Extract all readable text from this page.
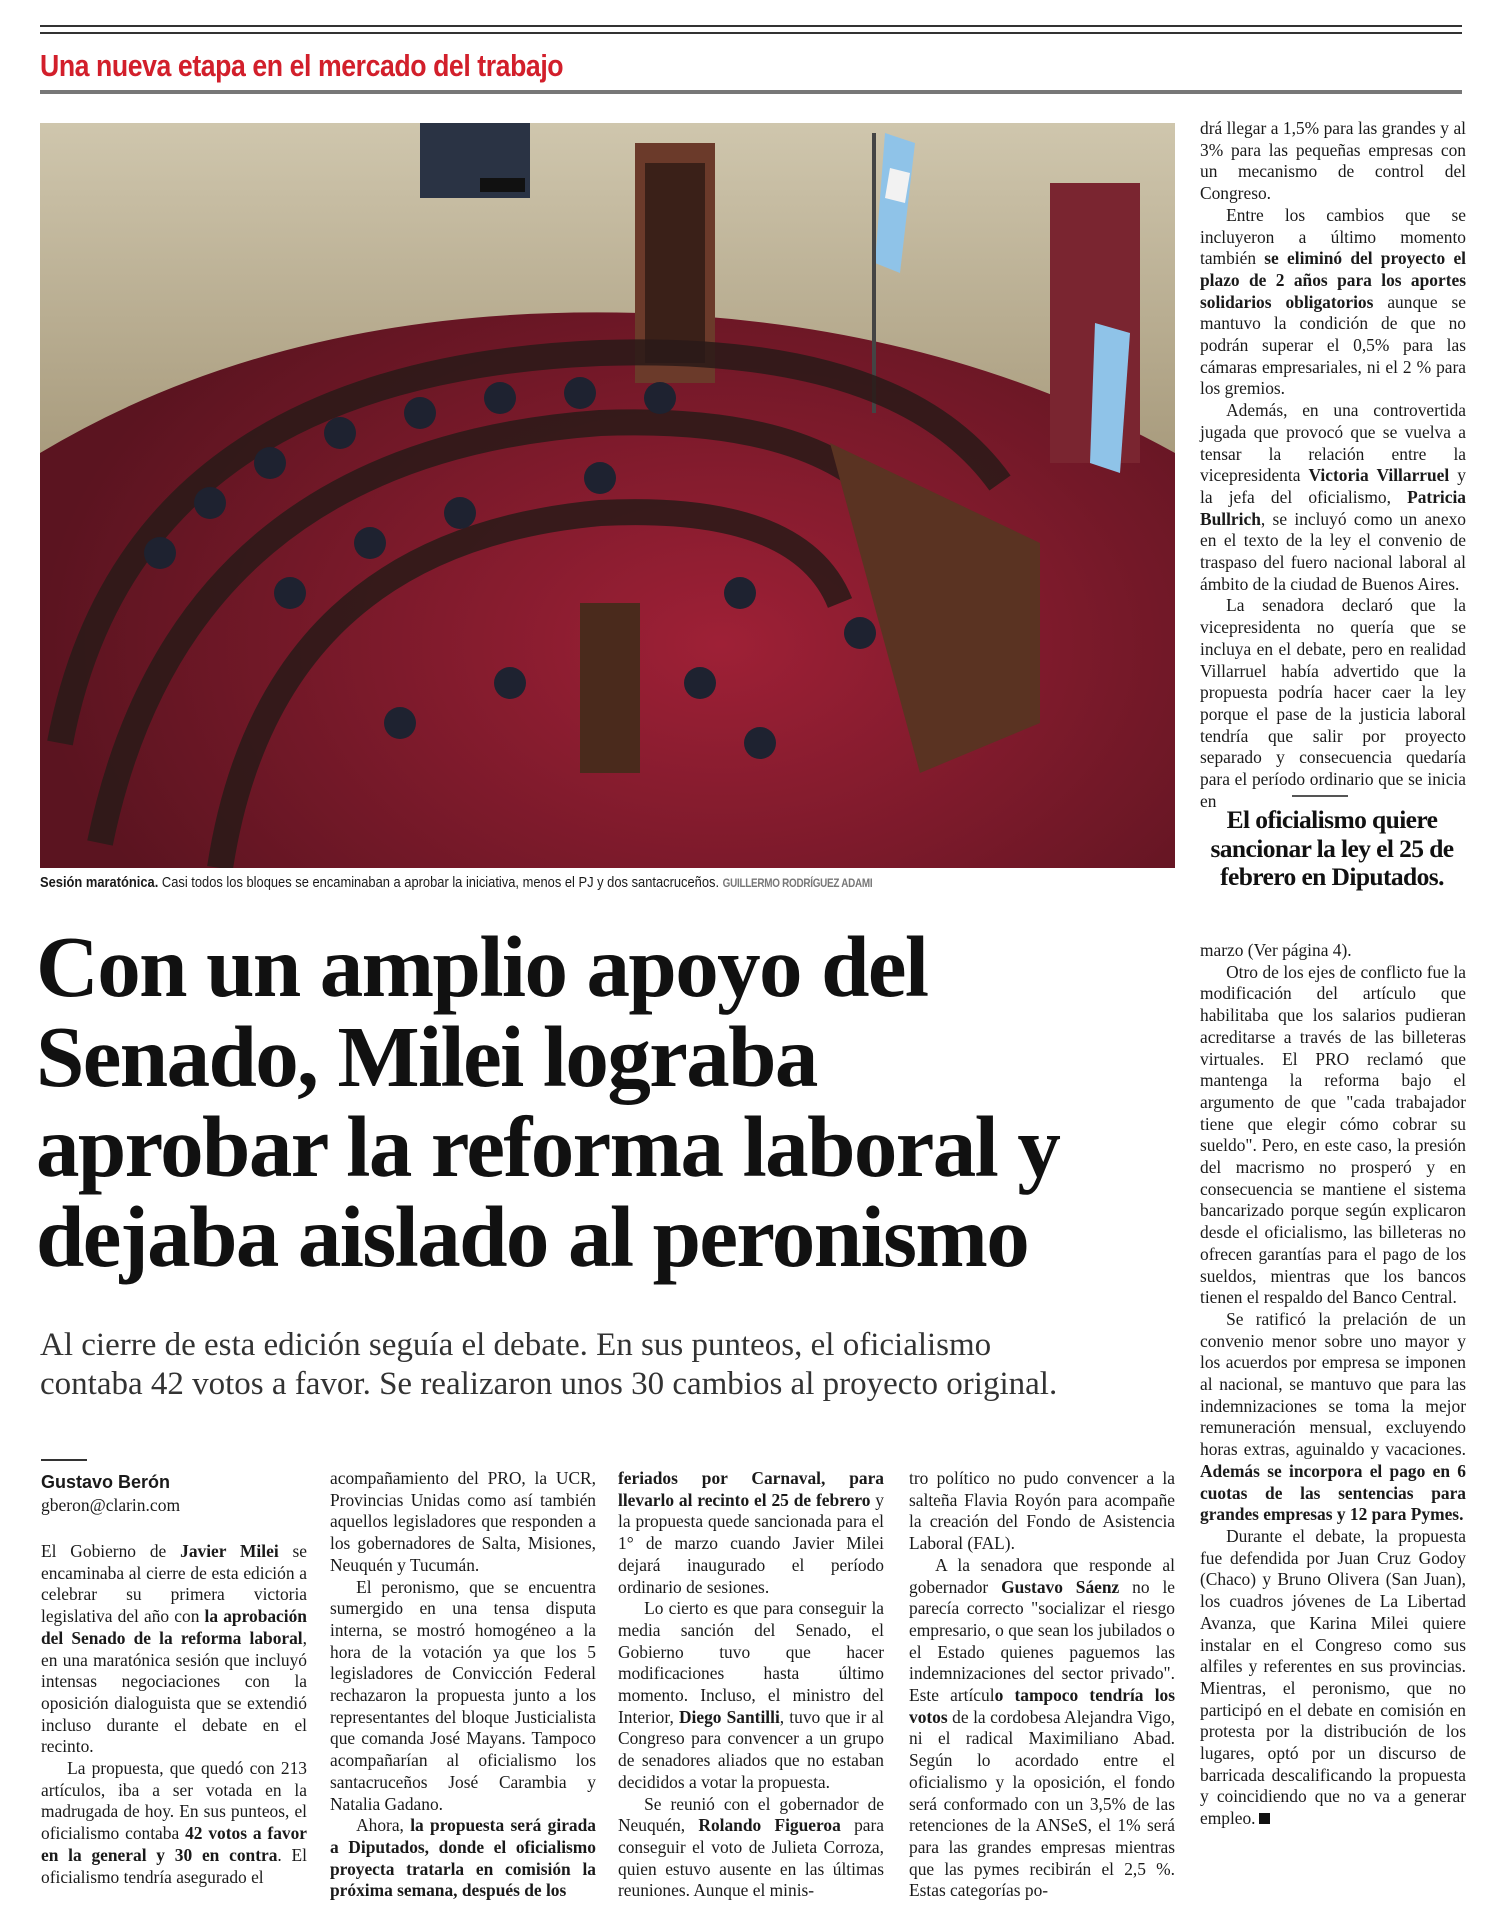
Una nueva etapa en el mercado del trabajo
Sesión maratónica. Casi todos los bloques se encaminaban a aprobar la iniciativa, menos el PJ y dos santacruceños. GUILLERMO RODRÍGUEZ ADAMI
Con un amplio apoyo del
Senado, Milei lograba
aprobar la reforma laboral y
dejaba aislado al peronismo
Al cierre de esta edición seguía el debate. En sus punteos, el oficialismo
contaba 42 votos a favor. Se realizaron unos 30 cambios al proyecto original.
Gustavo Berón
gberon@clarin.com

El Gobierno de Javier Milei se encaminaba al cierre de esta edición a celebrar su primera victoria legislativa del año con la aprobación del Senado de la reforma laboral, en una maratónica sesión que incluyó intensas negociaciones con la oposición dialoguista que se extendió incluso durante el debate en el recinto.

La propuesta, que quedó con 213 artículos, iba a ser votada en la madrugada de hoy. En sus punteos, el oficialismo contaba 42 votos a favor en la general y 30 en contra. El oficialismo tendría asegurado el

acompañamiento del PRO, la UCR, Provincias Unidas como así también aquellos legisladores que responden a los gobernadores de Salta, Misiones, Neuquén y Tucumán.

El peronismo, que se encuentra sumergido en una tensa disputa interna, se mostró homogéneo a la hora de la votación ya que los 5 legisladores de Convicción Federal rechazaron la propuesta junto a los representantes del bloque Justicialista que comanda José Mayans. Tampoco acompañarían al oficialismo los santacruceños José Carambia y Natalia Gadano.

Ahora, la propuesta será girada a Diputados, donde el oficialismo proyecta tratarla en comisión la próxima semana, después de los

feriados por Carnaval, para llevarlo al recinto el 25 de febrero y la propuesta quede sancionada para el 1° de marzo cuando Javier Milei dejará inaugurado el período ordinario de sesiones.

Lo cierto es que para conseguir la media sanción del Senado, el Gobierno tuvo que hacer modificaciones hasta último momento. Incluso, el ministro del Interior, Diego Santilli, tuvo que ir al Congreso para convencer a un grupo de senadores aliados que no estaban decididos a votar la propuesta.

Se reunió con el gobernador de Neuquén, Rolando Figueroa para conseguir el voto de Julieta Corroza, quien estuvo ausente en las últimas reuniones. Aunque el minis-

tro político no pudo convencer a la salteña Flavia Royón para acompañe la creación del Fondo de Asistencia Laboral (FAL).

A la senadora que responde al gobernador Gustavo Sáenz no le parecía correcto "socializar el riesgo empresario, o que sean los jubilados o el Estado quienes paguemos las indemnizaciones del sector privado". Este artículo tampoco tendría los votos de la cordobesa Alejandra Vigo, ni el radical Maximiliano Abad. Según lo acordado entre el oficialismo y la oposición, el fondo será conformado con un 3,5% de las retenciones de la ANSeS, el 1% será para las grandes empresas mientras que las pymes recibirán el 2,5 %. Estas categorías po-

drá llegar a 1,5% para las grandes y al 3% para las pequeñas empresas con un mecanismo de control del Congreso.

Entre los cambios que se incluyeron a último momento también se eliminó del proyecto el plazo de 2 años para los aportes solidarios obligatorios aunque se mantuvo la condición de que no podrán superar el 0,5% para las cámaras empresariales, ni el 2 % para los gremios.

Además, en una controvertida jugada que provocó que se vuelva a tensar la relación entre la vicepresidenta Victoria Villarruel y la jefa del oficialismo, Patricia Bullrich, se incluyó como un anexo en el texto de la ley el convenio de traspaso del fuero nacional laboral al ámbito de la ciudad de Buenos Aires.

La senadora declaró que la vicepresidenta no quería que se incluya en el debate, pero en realidad Villarruel había advertido que la propuesta podría hacer caer la ley porque el pase de la justicia laboral tendría que salir por proyecto separado y consecuencia quedaría para el período ordinario que se inicia en

El oficialismo quiere sancionar la ley el 25 de febrero en Diputados.

marzo (Ver página 4).

Otro de los ejes de conflicto fue la modificación del artículo que habilitaba que los salarios pudieran acreditarse a través de las billeteras virtuales. El PRO reclamó que mantenga la reforma bajo el argumento de que "cada trabajador tiene que elegir cómo cobrar su sueldo". Pero, en este caso, la presión del macrismo no prosperó y en consecuencia se mantiene el sistema bancarizado porque según explicaron desde el oficialismo, las billeteras no ofrecen garantías para el pago de los sueldos, mientras que los bancos tienen el respaldo del Banco Central.

Se ratificó la prelación de un convenio menor sobre uno mayor y los acuerdos por empresa se imponen al nacional, se mantuvo que para las indemnizaciones se toma la mejor remuneración mensual, excluyendo horas extras, aguinaldo y vacaciones. Además se incorpora el pago en 6 cuotas de las sentencias para grandes empresas y 12 para Pymes.

Durante el debate, la propuesta fue defendida por Juan Cruz Godoy (Chaco) y Bruno Olivera (San Juan), los cuadros jóvenes de La Libertad Avanza, que Karina Milei quiere instalar en el Congreso como sus alfiles y referentes en sus provincias. Mientras, el peronismo, que no participó en el debate en comisión en protesta por la distribución de los lugares, optó por un discurso de barricada descalificando la propuesta y coincidiendo que no va a generar empleo.
